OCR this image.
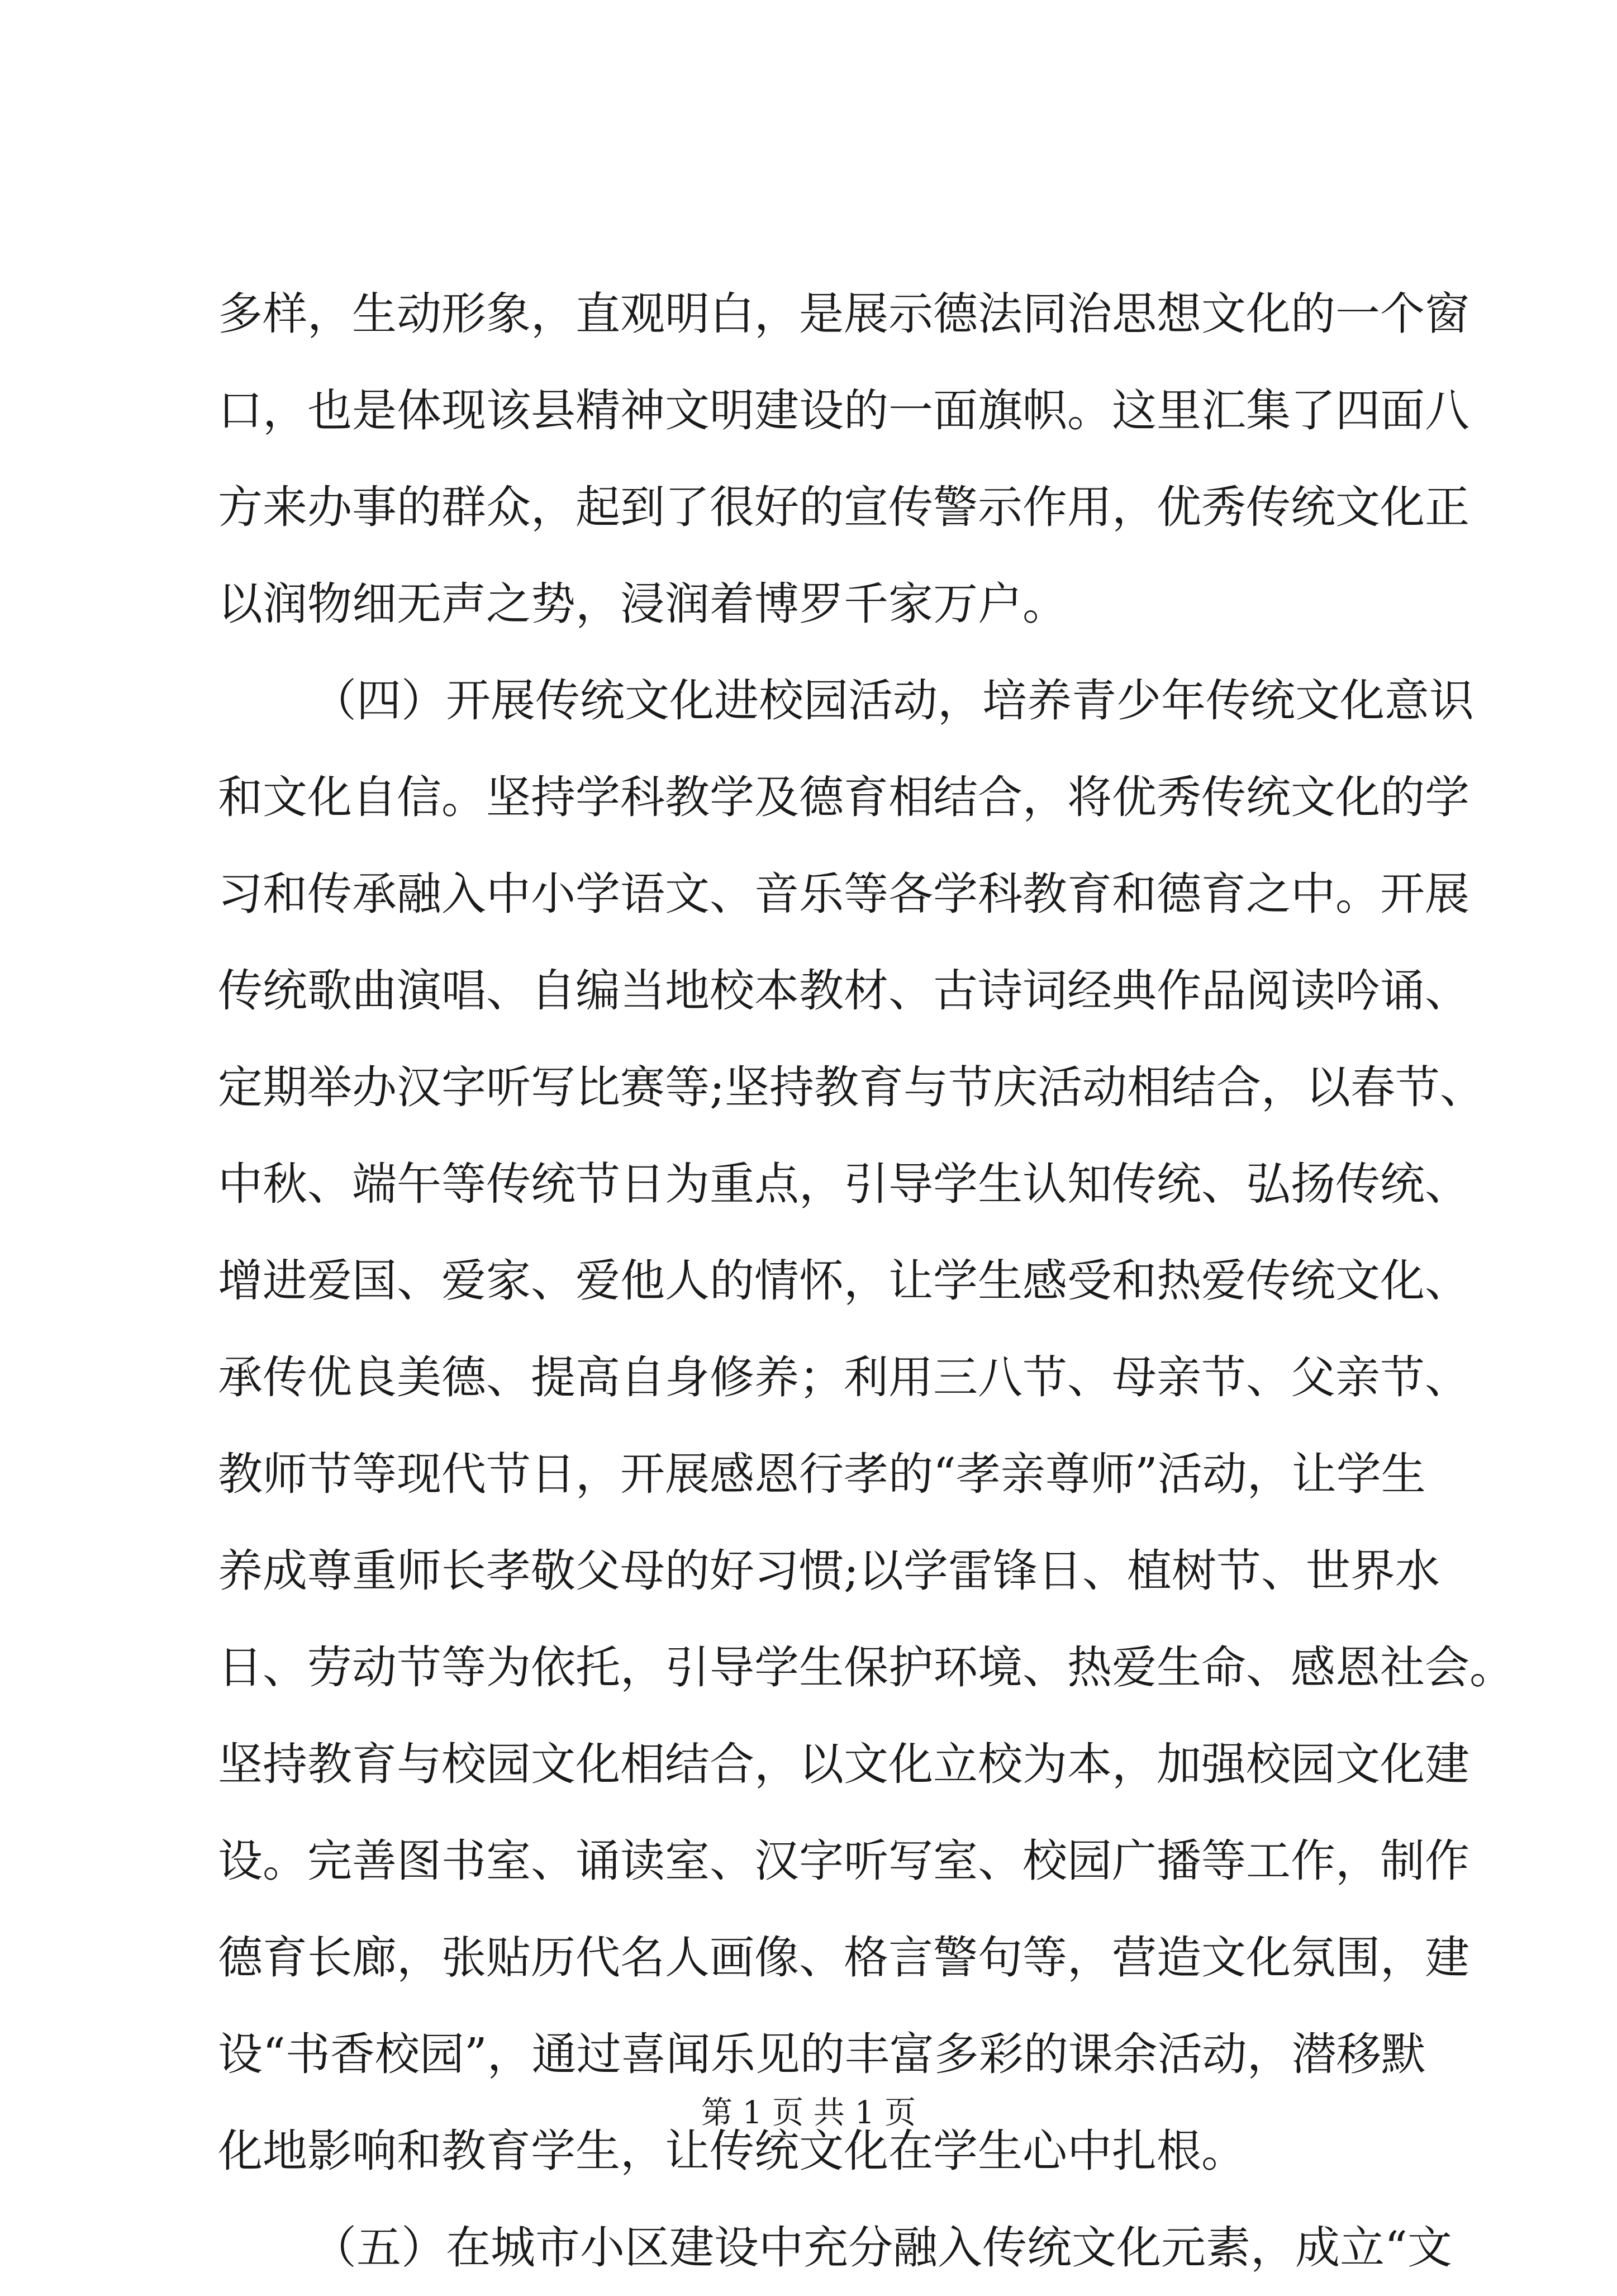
多样，生动形象，直观明白，是展示德法同治思想文化的一个窗
口，也是体现该县精神文明建设的一面旗帜。这里汇集了四面八
方来办事的群众，起到了很好的宣传警示作用，优秀传统文化正
以润物细无声之势，浸润着博罗千家万户。
（四）开展传统文化进校园活动，培养青少年传统文化意识
和文化自信。坚持学科教学及德育相结合，将优秀传统文化的学
习和传承融入中小学语文、音乐等各学科教育和德育之中。开展
传统歌曲演唱、自编当地校本教材、古诗词经典作品阅读吟诵、
定期举办汉字听写比赛等;坚持教育与节庆活动相结合，以春节、
中秋、端午等传统节日为重点，引导学生认知传统、弘扬传统、
增进爱国、爱家、爱他人的情怀，让学生感受和热爱传统文化、
承传优良美德、提高自身修养；利用三八节、母亲节、父亲节、
教师节等现代节日，开展感恩行孝的“孝亲尊师”活动，让学生
养成尊重师长孝敬父母的好习惯;以学雷锋日、植树节、世界水
日、劳动节等为依托，引导学生保护环境、热爱生命、感恩社会。
坚持教育与校园文化相结合，以文化立校为本，加强校园文化建
设。完善图书室、诵读室、汉字听写室、校园广播等工作，制作
德育长廊，张贴历代名人画像、格言警句等，营造文化氛围，建
设“书香校园”，通过喜闻乐见的丰富多彩的课余活动，潜移默
化地影响和教育学生，让传统文化在学生心中扎根。
（五）在城市小区建设中充分融入传统文化元素，成立“文
第 1 页 共 1 页
